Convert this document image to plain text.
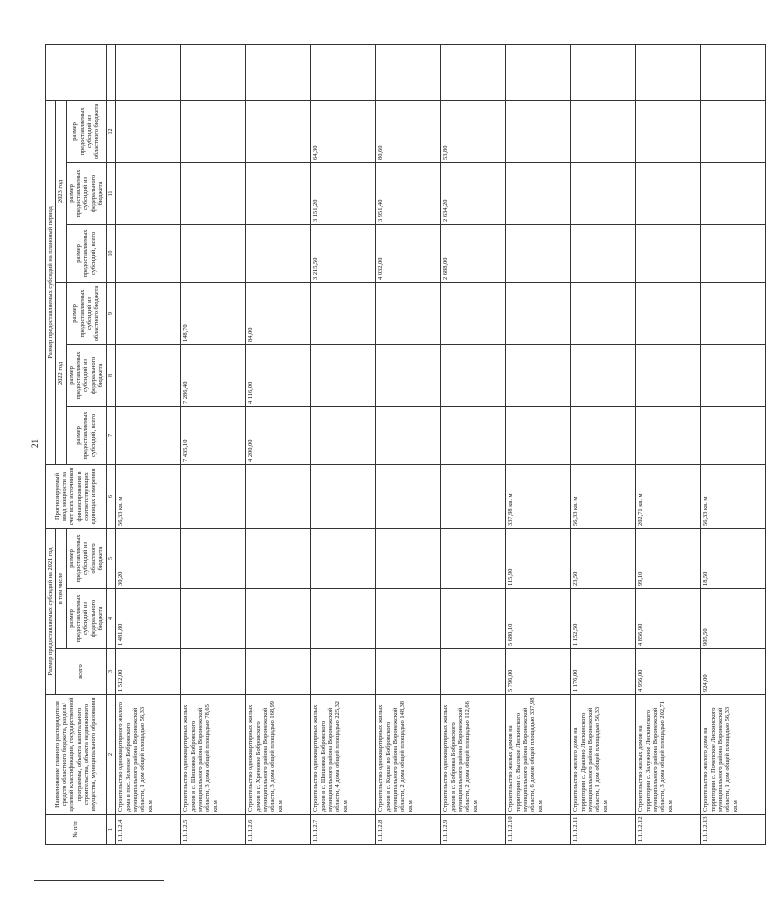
21
№ п/п	Наименование главного распорядителя средств областного бюджета, раздела/целевой классификации, государственной программы, объекта капитального строительства, объекта недвижимого имущества, муниципального образования	Размер предоставляемых субсидий на 2021 год			Прогнозируемый ввод мощности за счет всех источников финансирования в соответствующих единицах измерения	Размер предоставляемых субсидий на плановый период						
		всего	в том числе			2022 год			2023 год			
			размер предоставляемых субсидий из федерального бюджета	размер предоставляемых субсидий из областного бюджета		размер предоставляемых субсидий, всего	размер предоставляемых субсидий из федерального бюджета	размер предоставляемых субсидий из областного бюджета	размер предоставляемых субсидий, всего	размер предоставляемых субсидий из федерального бюджета	размер предоставляемых субсидий из областного бюджета	

1	2	3	4	5	6	7	8	9	10	11	12	
1.1.1.2.4	Строительство одноквартирного жилого дома в пос. Зеленое Бобровского муниципального района Воронежской области, 1 дом общей площадью 56,33 кв.м	1 512,00	1 481,80	30,20	56,33 кв. м							
1.1.1.2.5	Строительство одноквартирных жилых домов в с. Шишовка Бобровского муниципального района Воронежской области, 3 дома общей площадью 78,65 кв.м					7 435,10	7 286,40	148,70				
1.1.1.2.6	Строительство одноквартирных жилых домов в с. Хреновое Бобровского муниципального района Воронежской области, 3 дома общей площадью 168,99 кв.м					4 200,00	4 116,00	84,00				
1.1.1.2.7	Строительство одноквартирных жилых домов в с. Шишовка Бобровского муниципального района Воронежской области, 4 дома общей площадью 225,32 кв.м								3 215,50	3 151,20	64,30	
1.1.1.2.8	Строительство одноквартирных жилых домов в с. Корше во Бобровского муниципального района Воронежской области, 2 дома общей площадью 148,38 кв.м								4 032,00	3 951,40	80,60	
1.1.1.2.9	Строительство одноквартирных жилых домов в с. Бобровка Бобровского муниципального района Воронежской области, 2 дома общей площадью 112,66 кв.м								2 688,00	2 634,20	53,80	
1.1.1.2.10	Строительство жилых домов на территории с. Высокое Лискинского муниципального района Воронежской области, 6 домов общей площадью 337,98 кв.м	5 796,00	5 680,10	115,90	337,98 кв. м							
1.1.1.2.11	Строительство жилого дома на территории с. Дракино Лискинского муниципального района Воронежской области, 1 дом общей площадью 56,33 кв.м	1 176,00	1 152,50	23,50	56,33 кв. м							
1.1.1.2.12	Строительство жилых домов на территории с. Залужное Лискинского муниципального района Воронежской области, 3 дома общей площадью 202,71 кв.м	4 956,00	4 856,90	99,10	202,71 кв. м							
1.1.1.2.13	Строительство жилого дома на территории с. Почепское Лискинского муниципального района Воронежской области, 1 дом общей площадью 56,33 кв.м	924,00	905,50	18,50	56,33 кв. м							
